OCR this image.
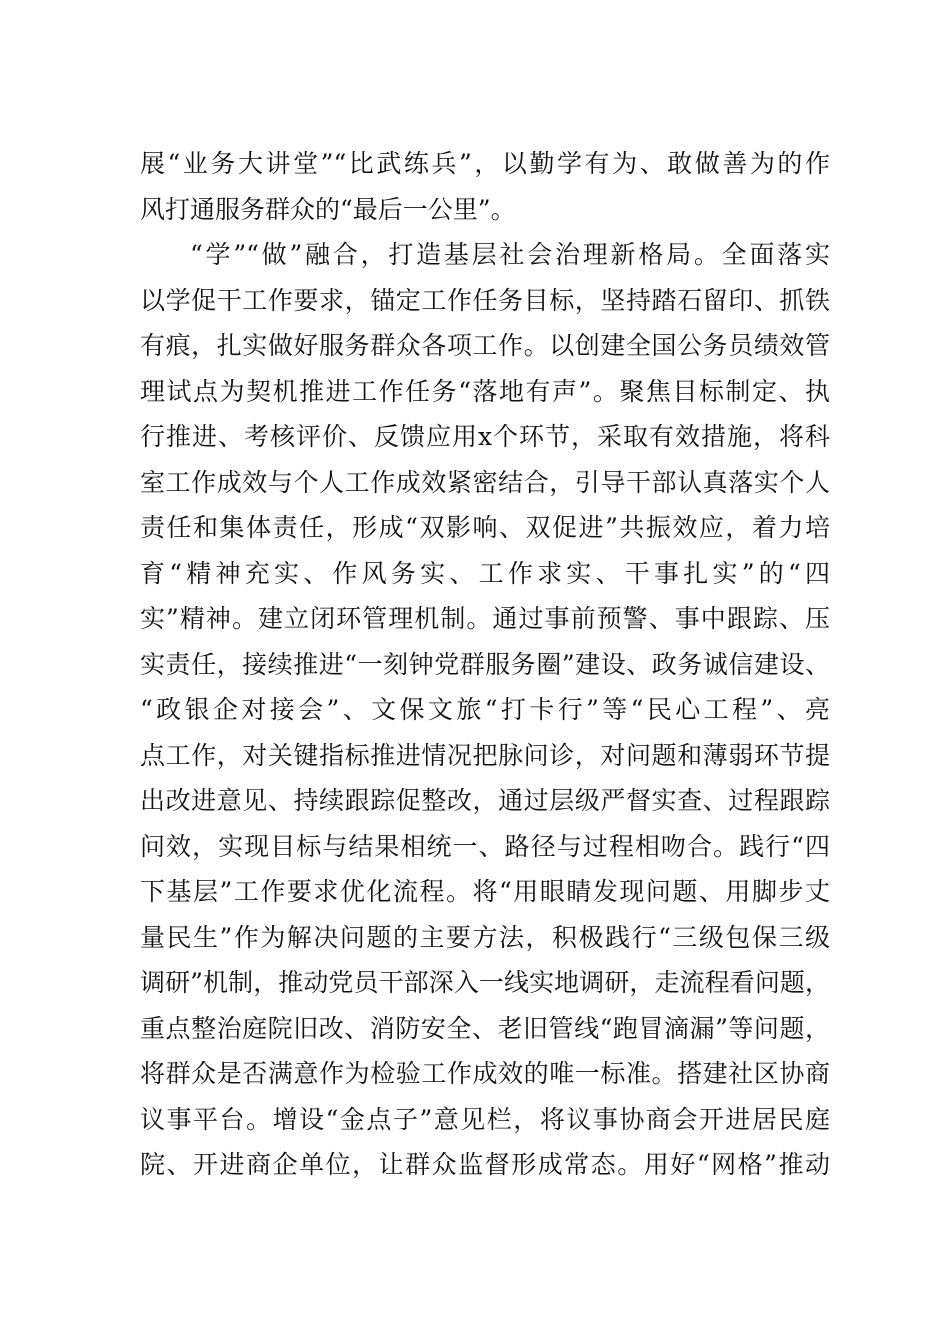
展“业务大讲堂”“比武练兵”，以勤学有为、敢做善为的作
风打通服务群众的“最后一公里”。
“学”“做”融合，打造基层社会治理新格局。全面落实
以学促干工作要求，锚定工作任务目标，坚持踏石留印、抓铁
有痕，扎实做好服务群众各项工作。以创建全国公务员绩效管
理试点为契机推进工作任务“落地有声”。聚焦目标制定、执
行推进、考核评价、反馈应用x个环节，采取有效措施，将科
室工作成效与个人工作成效紧密结合，引导干部认真落实个人
责任和集体责任，形成“双影响、双促进”共振效应，着力培
育“精神充实、作风务实、工作求实、干事扎实”的“四
实”精神。建立闭环管理机制。通过事前预警、事中跟踪、压
实责任，接续推进“一刻钟党群服务圈”建设、政务诚信建设、
“政银企对接会”、文保文旅“打卡行”等“民心工程”、亮
点工作，对关键指标推进情况把脉问诊，对问题和薄弱环节提
出改进意见、持续跟踪促整改，通过层级严督实查、过程跟踪
问效，实现目标与结果相统一、路径与过程相吻合。践行“四
下基层”工作要求优化流程。将“用眼睛发现问题、用脚步丈
量民生”作为解决问题的主要方法，积极践行“三级包保三级
调研”机制，推动党员干部深入一线实地调研，走流程看问题，
重点整治庭院旧改、消防安全、老旧管线“跑冒滴漏”等问题，
将群众是否满意作为检验工作成效的唯一标准。搭建社区协商
议事平台。增设“金点子”意见栏，将议事协商会开进居民庭
院、开进商企单位，让群众监督形成常态。用好“网格”推动
